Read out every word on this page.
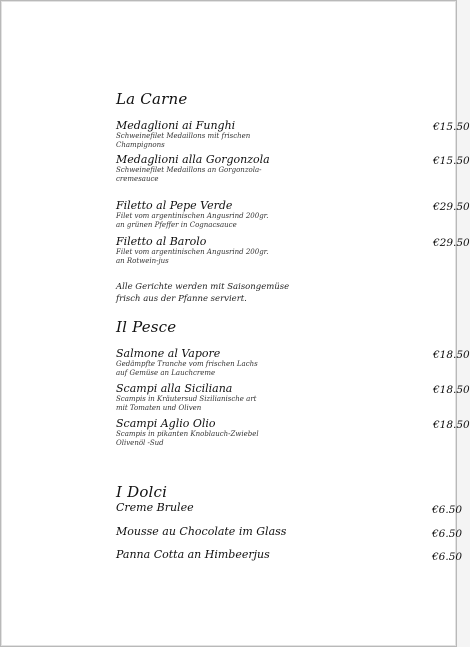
La Carne
Medaglioni ai Funghi
Schweinefilet Medaillons mit frischen
Champignons
€15.50
Medaglioni alla Gorgonzola
Schweinefilet Medaillons an Gorgonzola-
cremesauce
€15.50
Filetto al Pepe Verde
Filet vom argentinischen Angusrind 200gr.
an grünen Pfeffer in Cognacsauce
€29.50
Filetto al Barolo
Filet vom argentinischen Angusrind 200gr.
an Rotwein-jus
€29.50
Alle Gerichte werden mit Saisongemüse
frisch aus der Pfanne serviert.
Il Pesce
Salmone al Vapore
Gedämpfte Tranche vom frischen Lachs
auf Gemüse an Lauchcreme
€18.50
Scampi alla Siciliana
Scampis in Kräutersud Sizilianische art
mit Tomaten und Oliven
€18.50
Scampi Aglio Olio
Scampis in pikanten Knoblauch-Zwiebel
Olivenöl -Sud
€18.50
I Dolci
Creme Brulee	€6.50
Mousse au Chocolate im Glass	€6.50
Panna Cotta an Himbeerjus	€6.50
